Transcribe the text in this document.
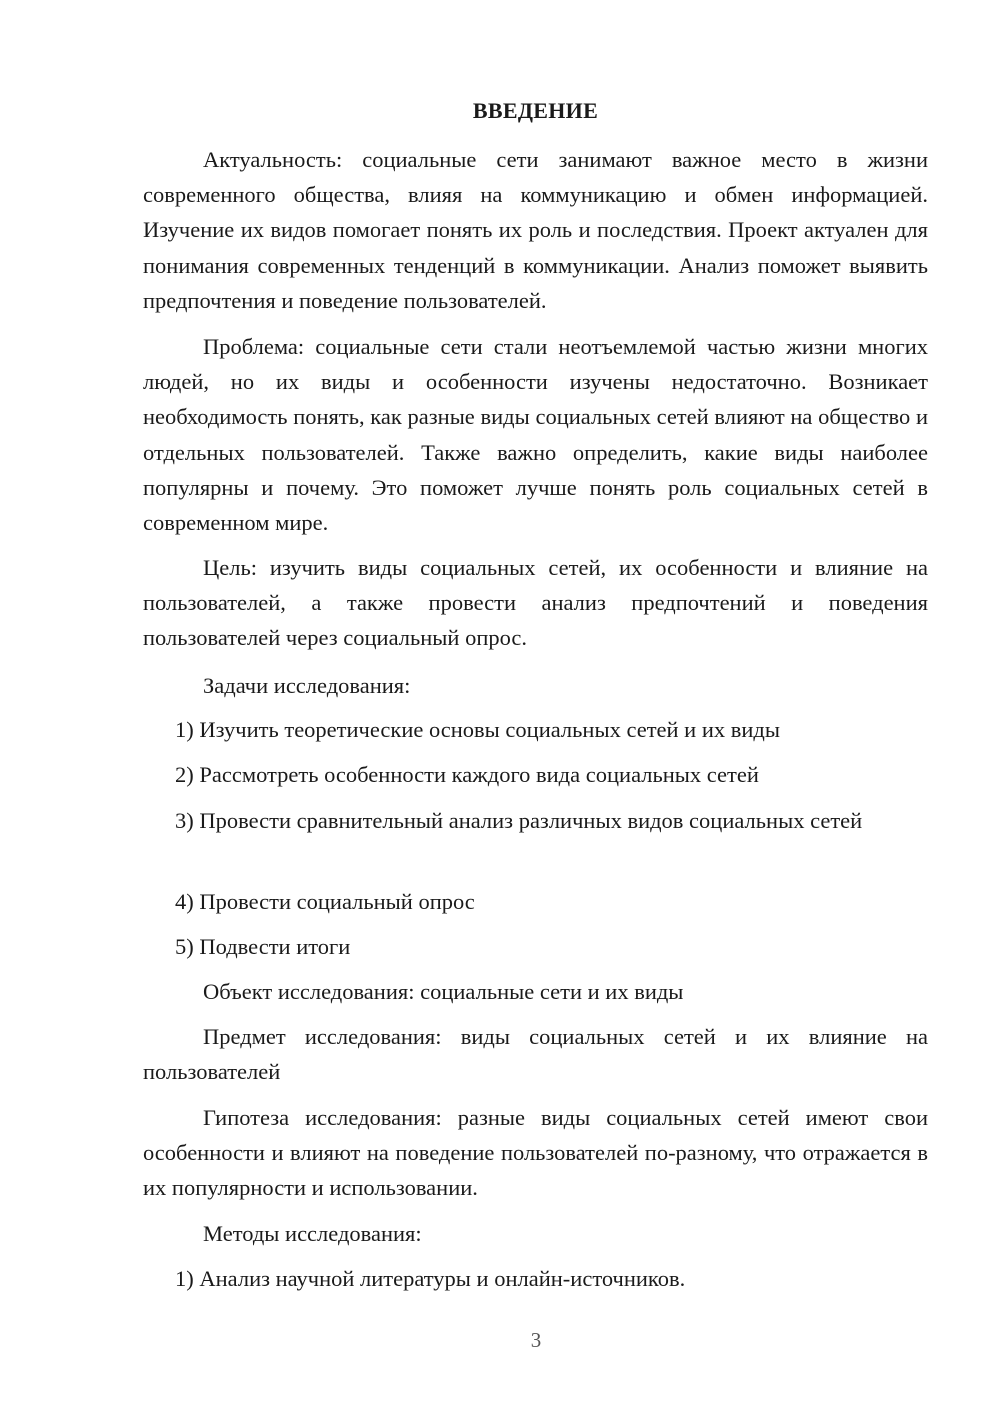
ВВЕДЕНИЕ

Актуальность: социальные сети занимают важное место в жизни современного общества, влияя на коммуникацию и обмен информацией. Изучение их видов помогает понять их роль и последствия. Проект актуален для понимания современных тенденций в коммуникации. Анализ поможет выявить предпочтения и поведение пользователей.

Проблема: социальные сети стали неотъемлемой частью жизни многих людей, но их виды и особенности изучены недостаточно. Возникает необходимость понять, как разные виды социальных сетей влияют на общество и отдельных пользователей. Также важно определить, какие виды наиболее популярны и почему. Это поможет лучше понять роль социальных сетей в современном мире.

Цель: изучить виды социальных сетей, их особенности и влияние на пользователей, а также провести анализ предпочтений и поведения пользователей через социальный опрос.

Задачи исследования:

1) Изучить теоретические основы социальных сетей и их виды

2) Рассмотреть особенности каждого вида социальных сетей

3) Провести сравнительный анализ различных видов социальных сетей

4) Провести социальный опрос

5) Подвести итоги

Объект исследования: социальные сети и их виды

Предмет исследования: виды социальных сетей и их влияние на пользователей

Гипотеза исследования: разные виды социальных сетей имеют свои особенности и влияют на поведение пользователей по-разному, что отражается в их популярности и использовании.

Методы исследования:

1) Анализ научной литературы и онлайн-источников.

3
